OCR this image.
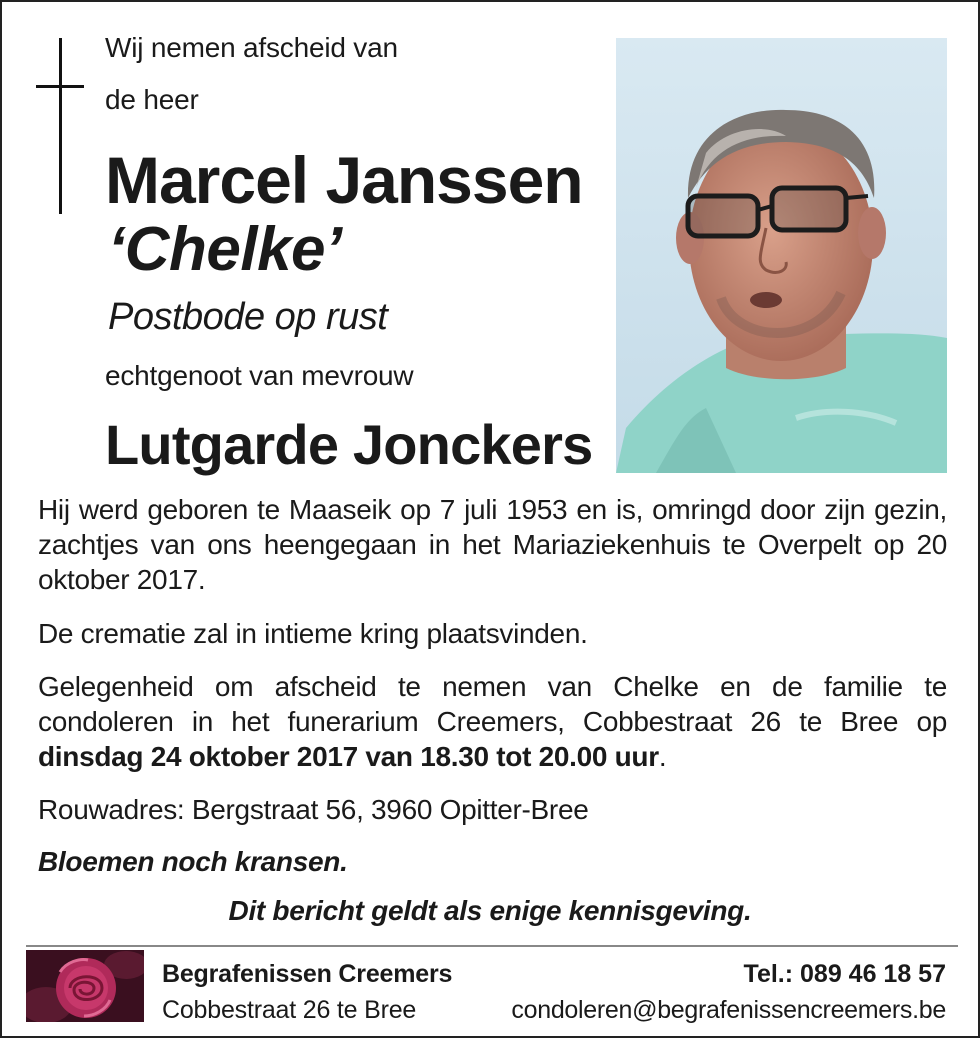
Wij nemen afscheid van
de heer
Marcel Janssen
‘Chelke’
Postbode op rust
echtgenoot van mevrouw
Lutgarde Jonckers
Hij werd geboren te Maaseik op 7 juli 1953 en is, omringd door zijn gezin, zachtjes van ons heengegaan in het Mariaziekenhuis te Overpelt op 20 oktober 2017.
De crematie zal in intieme kring plaatsvinden.
Gelegenheid om afscheid te nemen van Chelke en de familie te condoleren in het funerarium Creemers, Cobbestraat 26 te Bree op dinsdag 24 oktober 2017 van 18.30 tot 20.00 uur.
Rouwadres: Bergstraat 56, 3960 Opitter-Bree
Bloemen noch kransen.
Dit bericht geldt als enige kennisgeving.
Begrafenissen Creemers
Cobbestraat 26 te Bree
Tel.: 089 46 18 57
condoleren@begrafenissencreemers.be
